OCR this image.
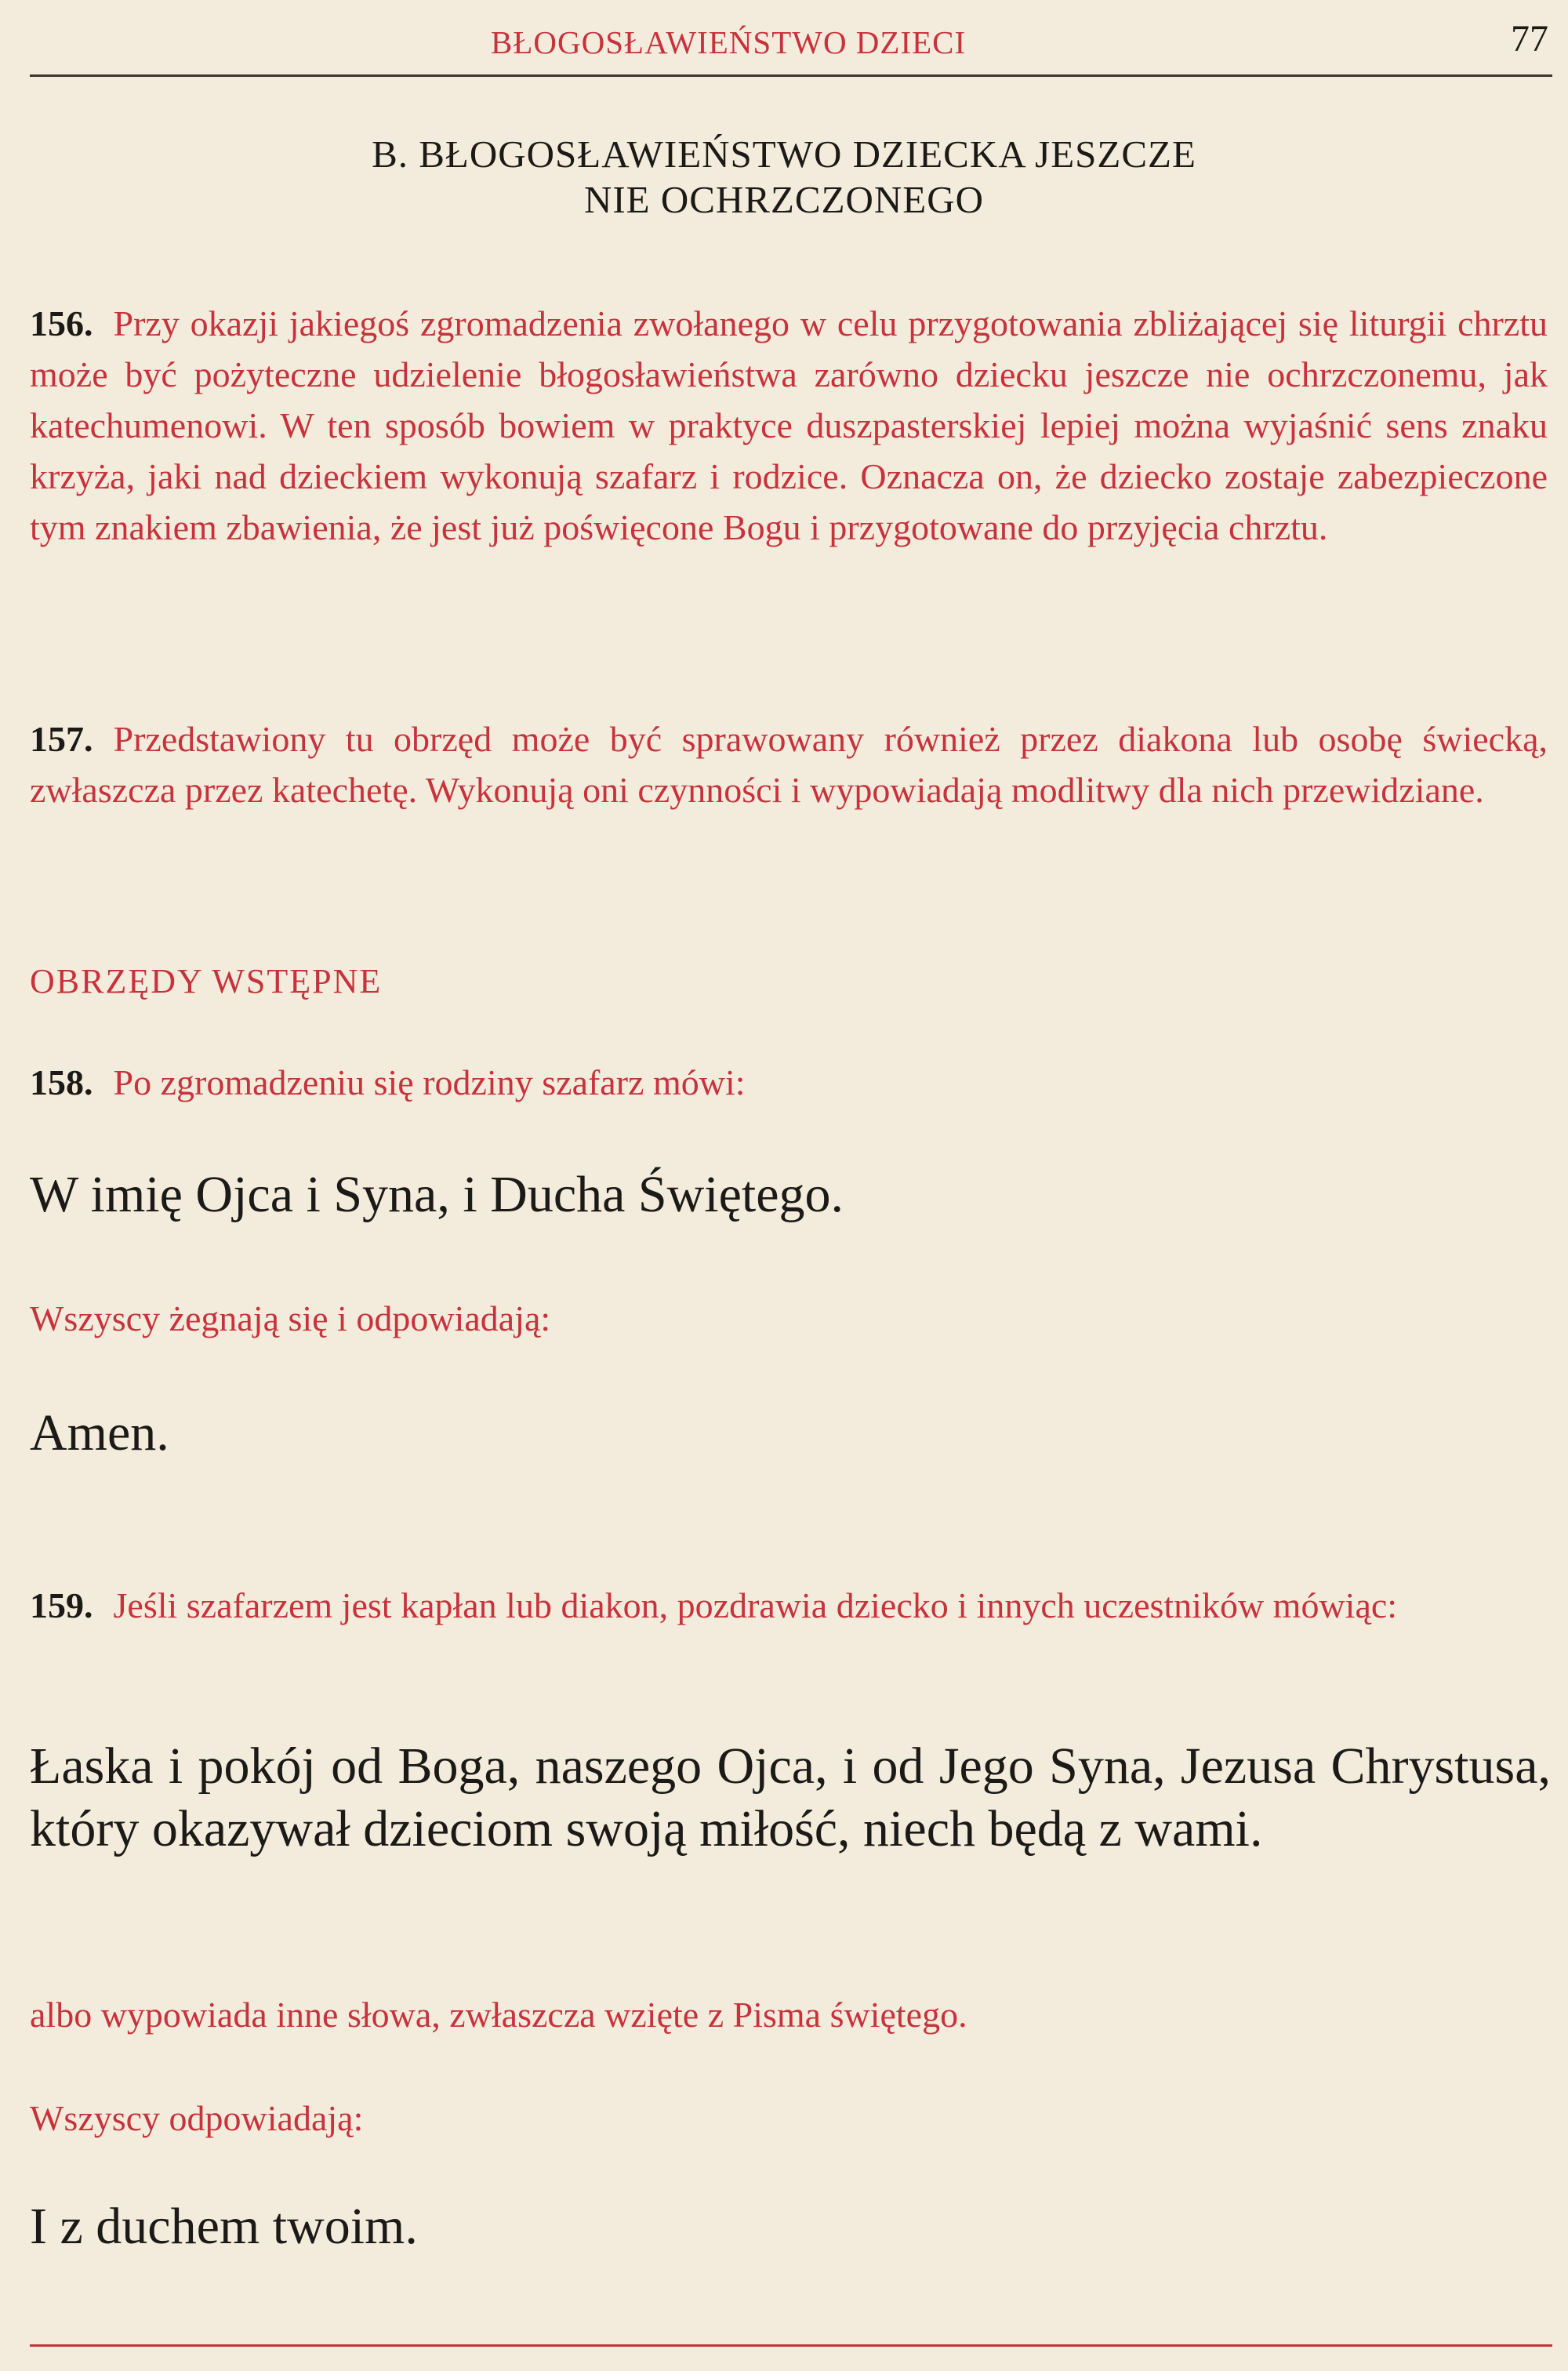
BŁOGOSŁAWIEŃSTWO DZIECI	77
B. BŁOGOSŁAWIEŃSTWO DZIECKA JESZCZE
NIE OCHRZCZONEGO
156. Przy okazji jakiegoś zgromadzenia zwołanego w celu przygotowania zbliżającej się liturgii chrztu może być pożyteczne udzielenie błogosławieństwa zarówno dziecku jeszcze nie ochrzczonemu, jak katechumenowi. W ten sposób bowiem w praktyce duszpasterskiej lepiej można wyjaśnić sens znaku krzyża, jaki nad dzieckiem wykonują szafarz i rodzice. Oznacza on, że dziecko zostaje zabezpieczone tym znakiem zbawienia, że jest już poświęcone Bogu i przygotowane do przyjęcia chrztu.
157. Przedstawiony tu obrzęd może być sprawowany również przez diakona lub osobę świecką, zwłaszcza przez katechetę. Wykonują oni czynności i wypowiadają modlitwy dla nich przewidziane.
OBRZĘDY WSTĘPNE
158. Po zgromadzeniu się rodziny szafarz mówi:
W imię Ojca i Syna, i Ducha Świętego.
Wszyscy żegnają się i odpowiadają:
Amen.
159. Jeśli szafarzem jest kapłan lub diakon, pozdrawia dziecko i innych uczestników mówiąc:
Łaska i pokój od Boga, naszego Ojca, i od Jego Syna, Jezusa Chrystusa, który okazywał dzieciom swoją miłość, niech będą z wami.
albo wypowiada inne słowa, zwłaszcza wzięte z Pisma świętego.
Wszyscy odpowiadają:
I z duchem twoim.
